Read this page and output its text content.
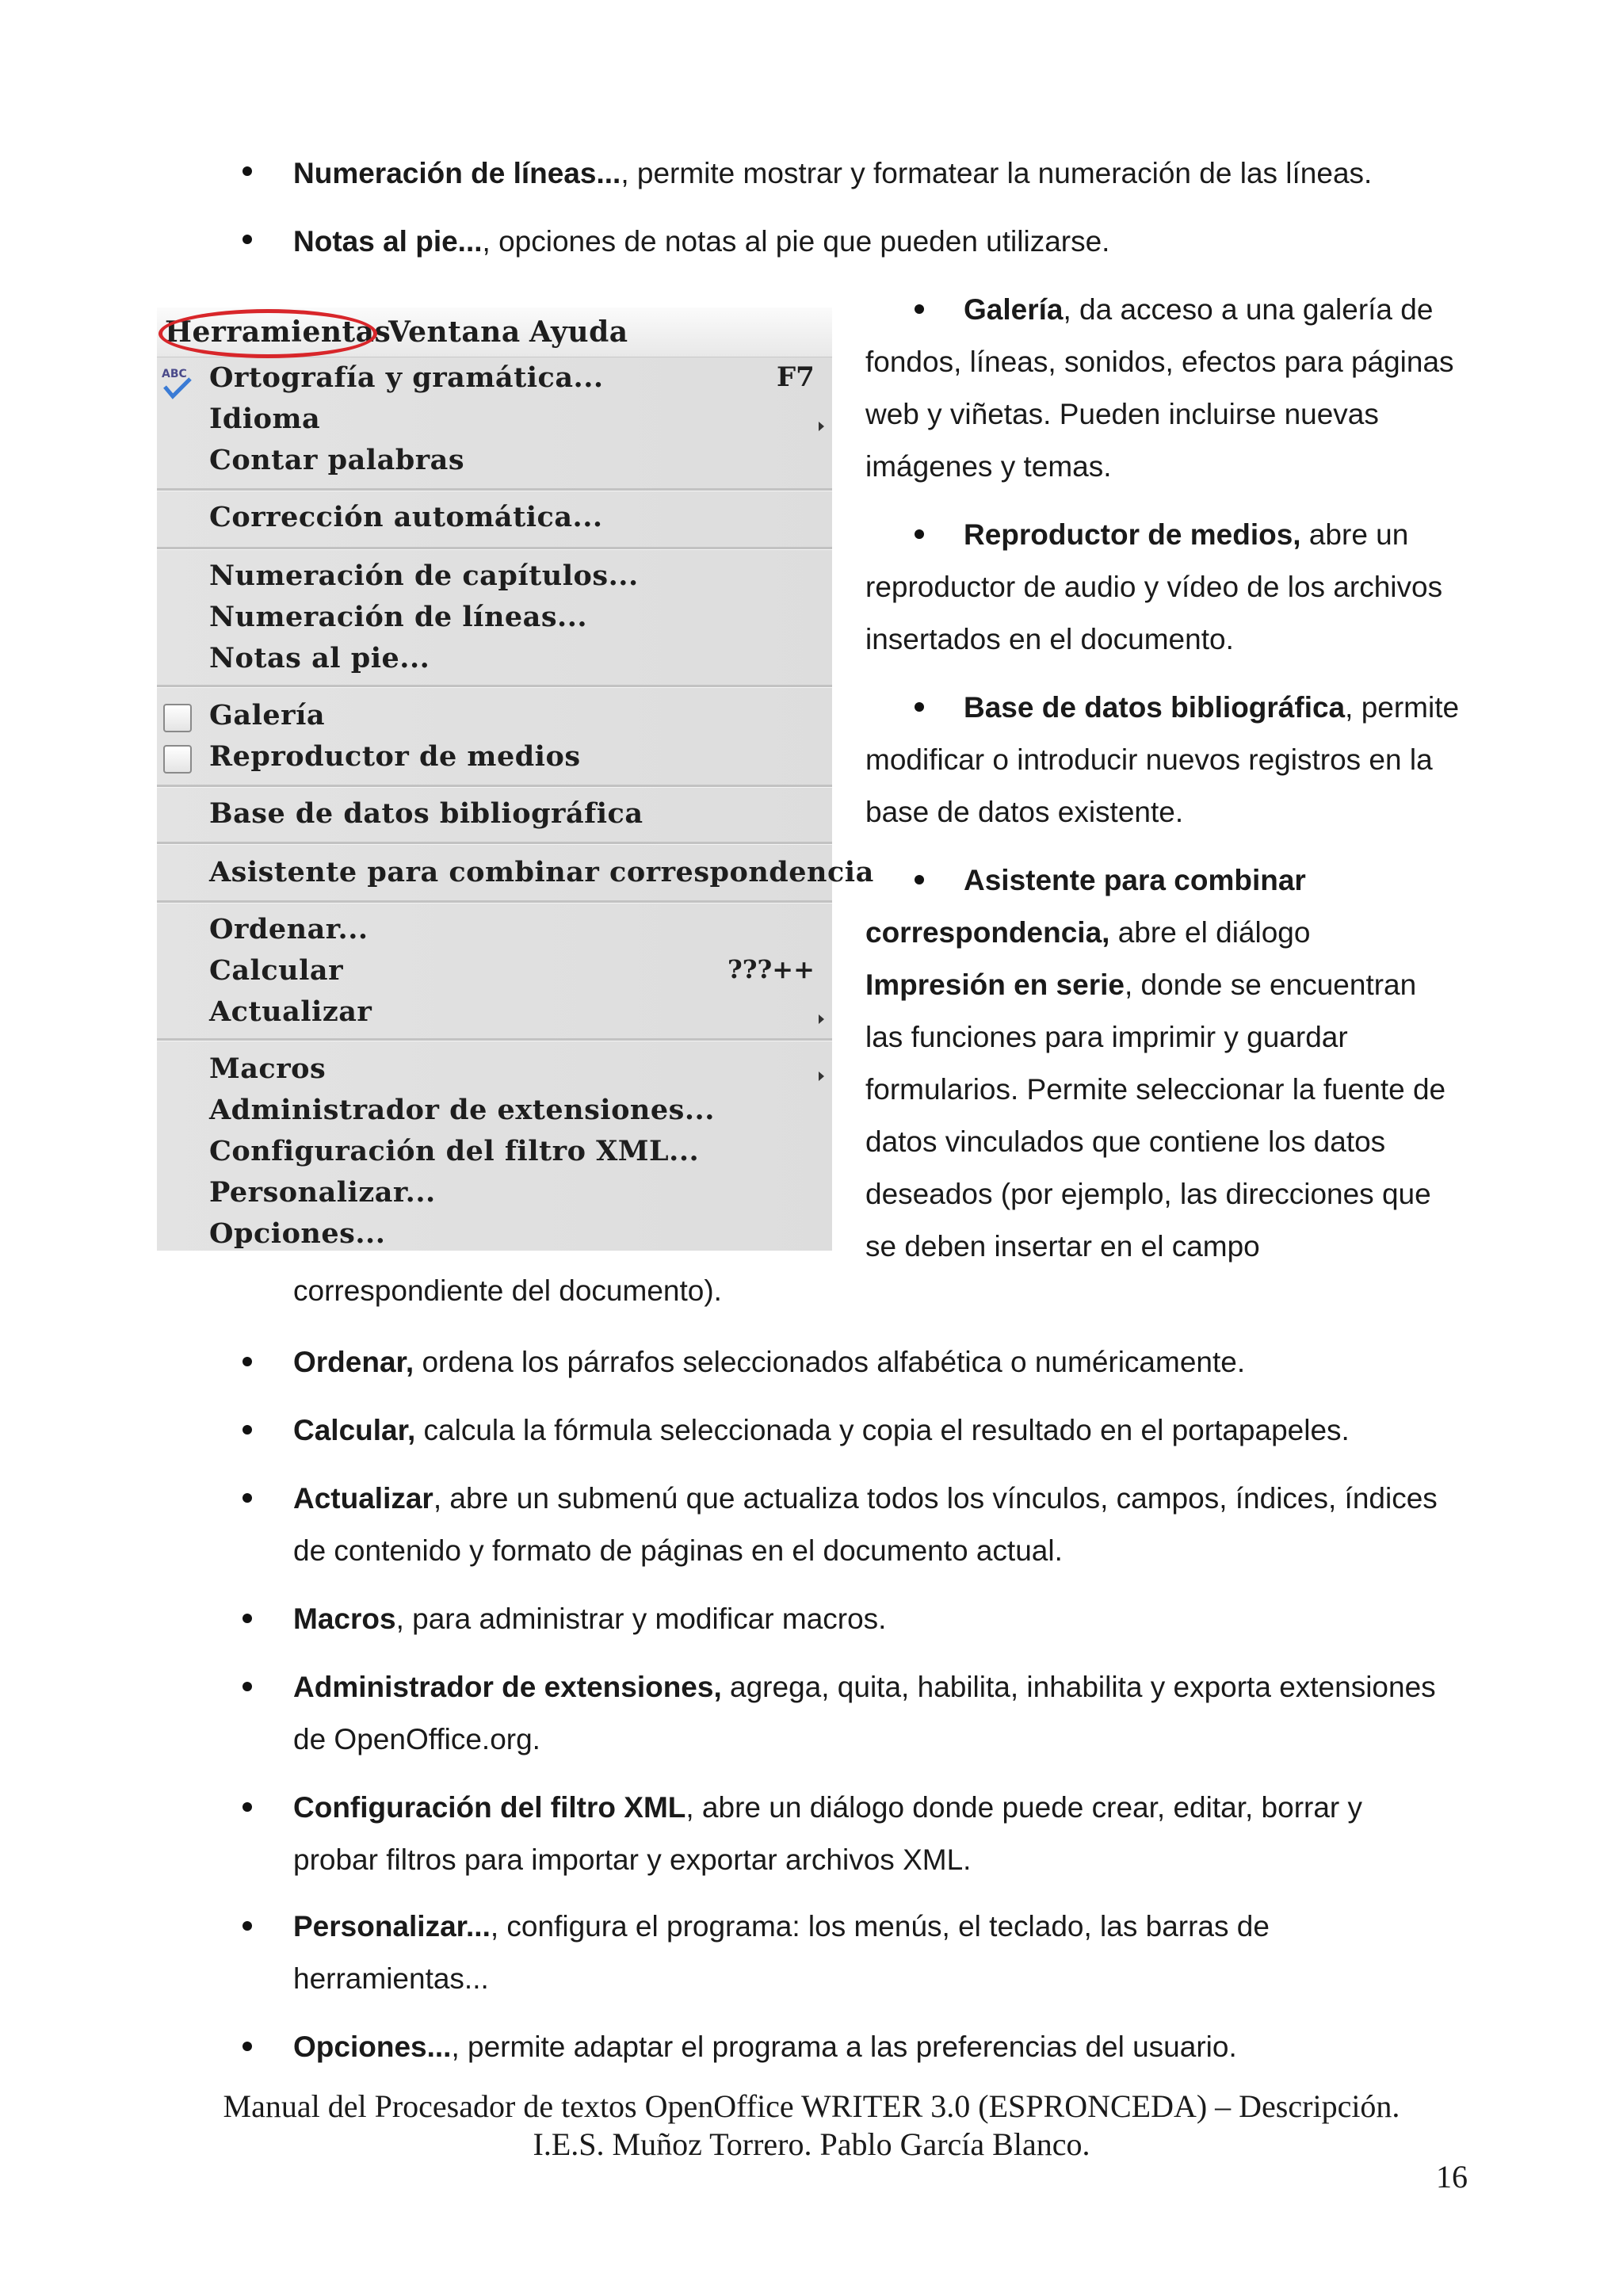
Numeración de líneas..., permite mostrar y formatear la numeración de las líneas.
Notas al pie..., opciones de notas al pie que pueden utilizarse.
Herramientas
Ventana Ayuda
ABC Ortografía y gramática...	F7
Idioma
Contar palabras
Corrección automática...
Numeración de capítulos...
Numeración de líneas...
Notas al pie...
Galería
Reproductor de medios
Base de datos bibliográfica
Asistente para combinar correspondencia
Ordenar...
Calcular	???++
Actualizar
Macros
Administrador de extensiones...
Configuración del filtro XML...
Personalizar...
Opciones...
Galería, da acceso a una galería de
fondos, líneas, sonidos, efectos para páginas
web y viñetas. Pueden incluirse nuevas
imágenes y temas.
Reproductor de medios, abre un
reproductor de audio y vídeo de los archivos
insertados en el documento.
Base de datos bibliográfica, permite
modificar o introducir nuevos registros en la
base de datos existente.
Asistente para combinar
correspondencia, abre el diálogo
Impresión en serie, donde se encuentran
las funciones para imprimir y guardar
formularios. Permite seleccionar la fuente de
datos vinculados que contiene los datos
deseados (por ejemplo, las direcciones que
se deben insertar en el campo
correspondiente del documento).
Ordenar, ordena los párrafos seleccionados alfabética o numéricamente.
Calcular, calcula la fórmula seleccionada y copia el resultado en el portapapeles.
Actualizar, abre un submenú que actualiza todos los vínculos, campos, índices, índices
de contenido y formato de páginas en el documento actual.
Macros, para administrar y modificar macros.
Administrador de extensiones, agrega, quita, habilita, inhabilita y exporta extensiones
de OpenOffice.org.
Configuración del filtro XML, abre un diálogo donde puede crear, editar, borrar y
probar filtros para importar y exportar archivos XML.
Personalizar..., configura el programa: los menús, el teclado, las barras de
herramientas...
Opciones..., permite adaptar el programa a las preferencias del usuario.
Manual del Procesador de textos OpenOffice WRITER 3.0 (ESPRONCEDA) – Descripción.
I.E.S. Muñoz Torrero. Pablo García Blanco.
16
